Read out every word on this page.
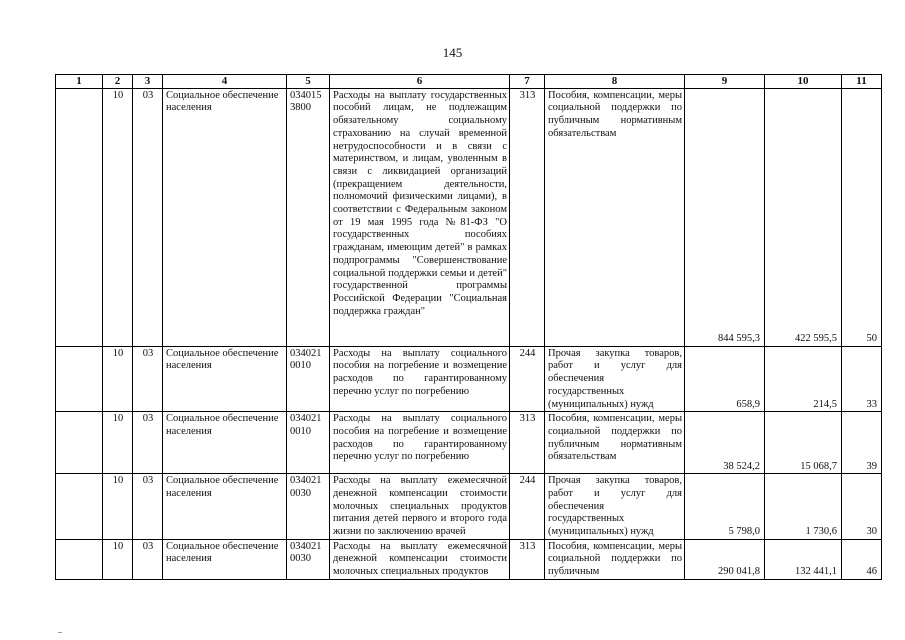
145
1	2	3	4	5	6	7	8	9	10	11
	10	03	Социальное обеспечение населения	034015 3800	Расходы на выплату государственных пособий лицам, не подлежащим обязательному социальному страхованию на случай временной нетрудоспособности и в связи с материнством, и лицам, уволенным в связи с ликвидацией организаций (прекращением деятельности, полномочий физическими лицами), в соответствии с Федеральным законом от 19 мая 1995 года №81-ФЗ "О государственных пособиях гражданам, имеющим детей" в рамках подпрограммы "Совершенствование социальной поддержки семьи и детей" государственной программы Российской Федерации "Социальная поддержка граждан"	313	Пособия, компенсации, меры социальной поддержки по публичным нормативным обязательствам	844 595,3	422 595,5	50
	10	03	Социальное обеспечение населения	034021 0010	Расходы на выплату социального пособия на погребение и возмещение расходов по гарантированному перечню услуг по погребению	244	Прочая закупка товаров, работ и услуг для обеспечения государственных (муниципальных) нужд	658,9	214,5	33
	10	03	Социальное обеспечение населения	034021 0010	Расходы на выплату социального пособия на погребение и возмещение расходов по гарантированному перечню услуг по погребению	313	Пособия, компенсации, меры социальной поддержки по публичным нормативным обязательствам	38 524,2	15 068,7	39
	10	03	Социальное обеспечение населения	034021 0030	Расходы на выплату ежемесячной денежной компенсации стоимости молочных специальных продуктов питания детей первого и второго года жизни по заключению врачей	244	Прочая закупка товаров, работ и услуг для обеспечения государственных (муниципальных) нужд	5 798,0	1 730,6	30
	10	03	Социальное обеспечение населения	034021 0030	Расходы на выплату ежемесячной денежной компенсации стоимости молочных специальных продуктов	313	Пособия, компенсации, меры социальной поддержки по публичным	290 041,8	132 441,1	46
